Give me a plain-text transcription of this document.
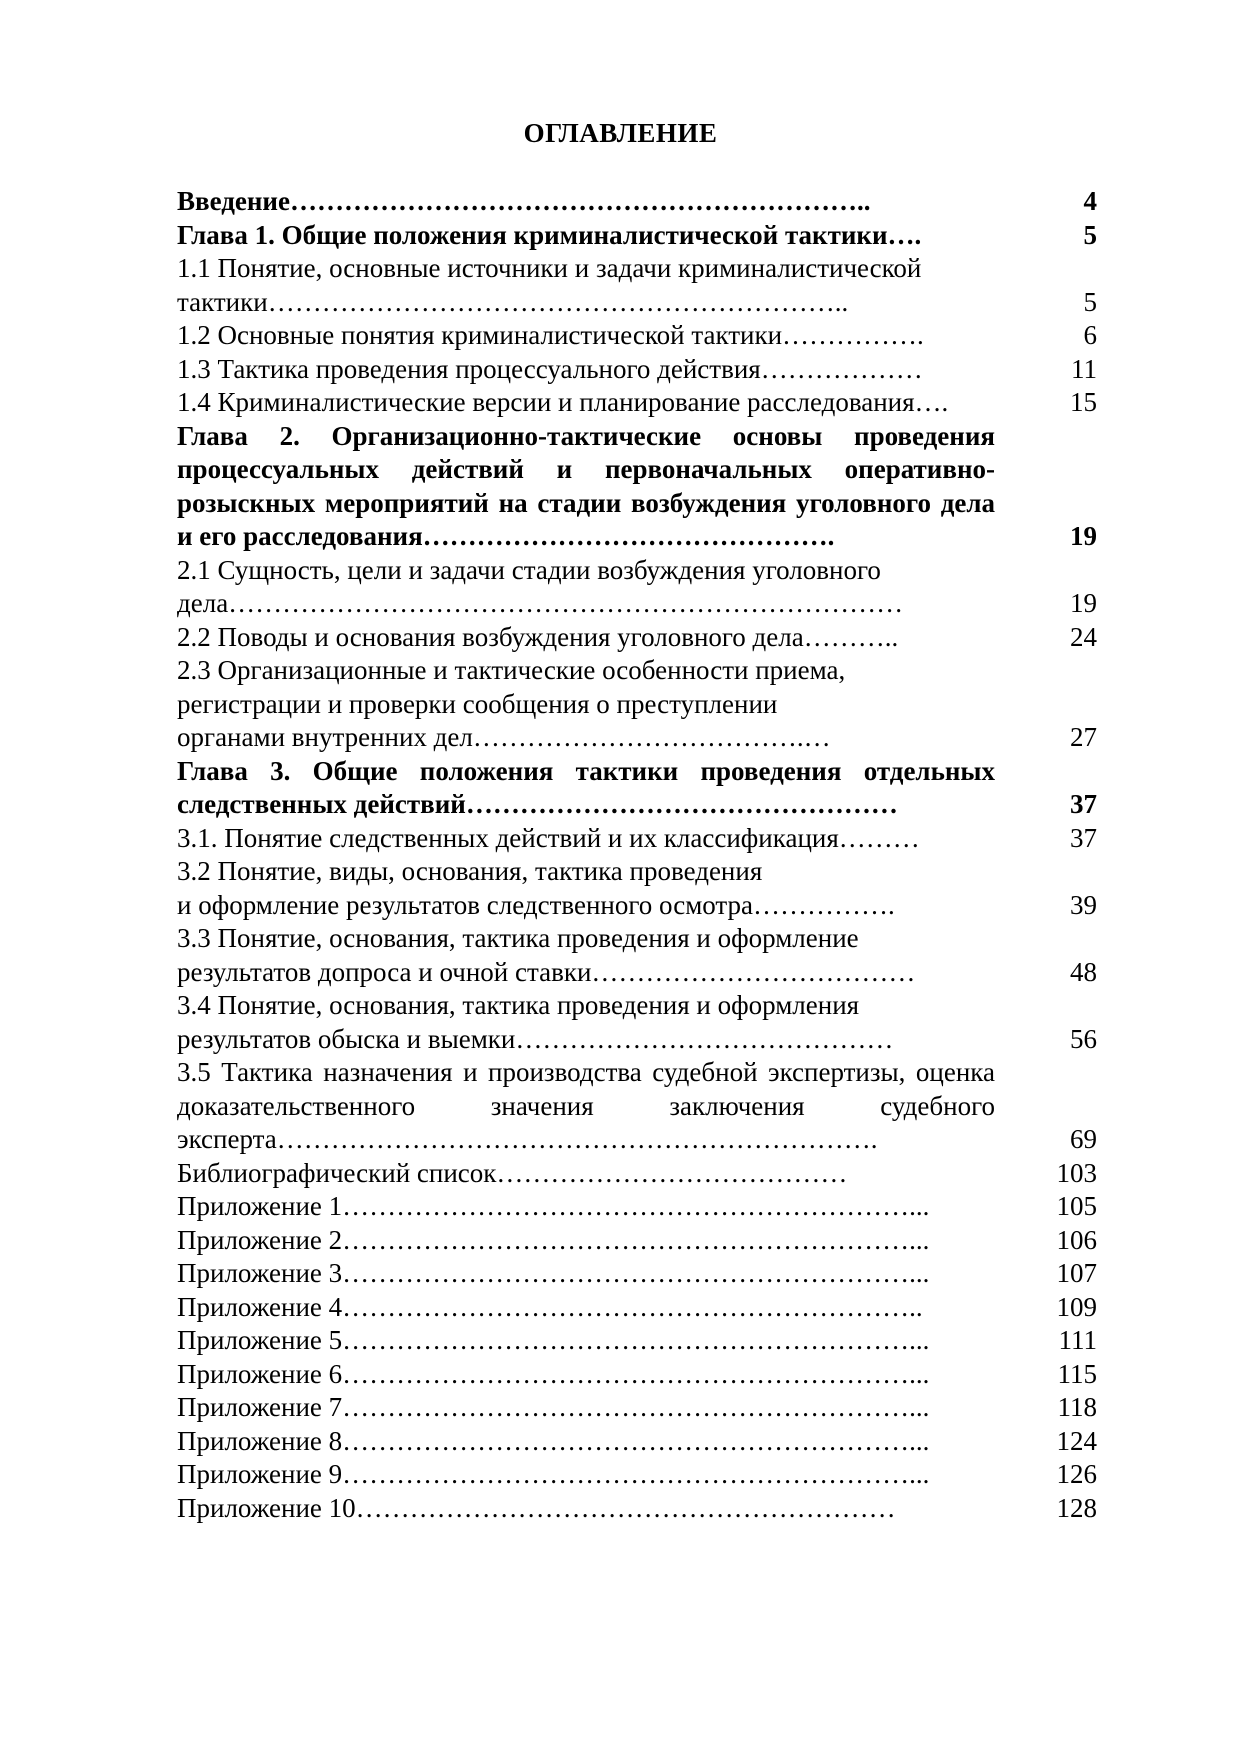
ОГЛАВЛЕНИЕ
Введение………………………………………………………..	4
Глава 1. Общие положения криминалистической тактики….	5
1.1 Понятие, основные источники и задачи криминалистической
тактики………………………………………………………..	5
1.2 Основные понятия криминалистической тактики…………….	6
1.3 Тактика проведения процессуального действия………………	11
1.4 Криминалистические версии и планирование расследования….	15
Глава 2. Организационно-тактические основы проведения процессуальных действий и первоначальных оперативно-розыскных мероприятий на стадии возбуждения уголовного дела и его расследования……………………………………….	19
2.1 Сущность, цели и задачи стадии возбуждения уголовного
дела…………………………………………………………………	19
2.2 Поводы и основания возбуждения уголовного дела………..	24
2.3 Организационные и тактические особенности приема,
регистрации и проверки сообщения о преступлении
органами внутренних дел……………………………….…	27
Глава 3. Общие положения тактики проведения отдельных следственных действий…………………………………………	37
3.1. Понятие следственных действий и их классификация………	37
3.2 Понятие, виды, основания, тактика проведения
и оформление результатов следственного осмотра…………….	39
3.3 Понятие, основания, тактика проведения и оформление
результатов допроса и очной ставки………………………………	48
3.4 Понятие, основания, тактика проведения и оформления
результатов обыска и выемки……………………………………	56
3.5 Тактика назначения и производства судебной экспертизы, оценка доказательственного значения заключения судебного эксперта………………………………………………………….	69
Библиографический список…………………………………	103
Приложение 1………………………………………………………...	105
Приложение 2………………………………………………………...	106
Приложение 3………………………………………………………...	107
Приложение 4………………………………………………………..	109
Приложение 5………………………………………………………...	111
Приложение 6………………………………………………………...	115
Приложение 7………………………………………………………...	118
Приложение 8………………………………………………………...	124
Приложение 9………………………………………………………...	126
Приложение 10……………………………………………………	128
